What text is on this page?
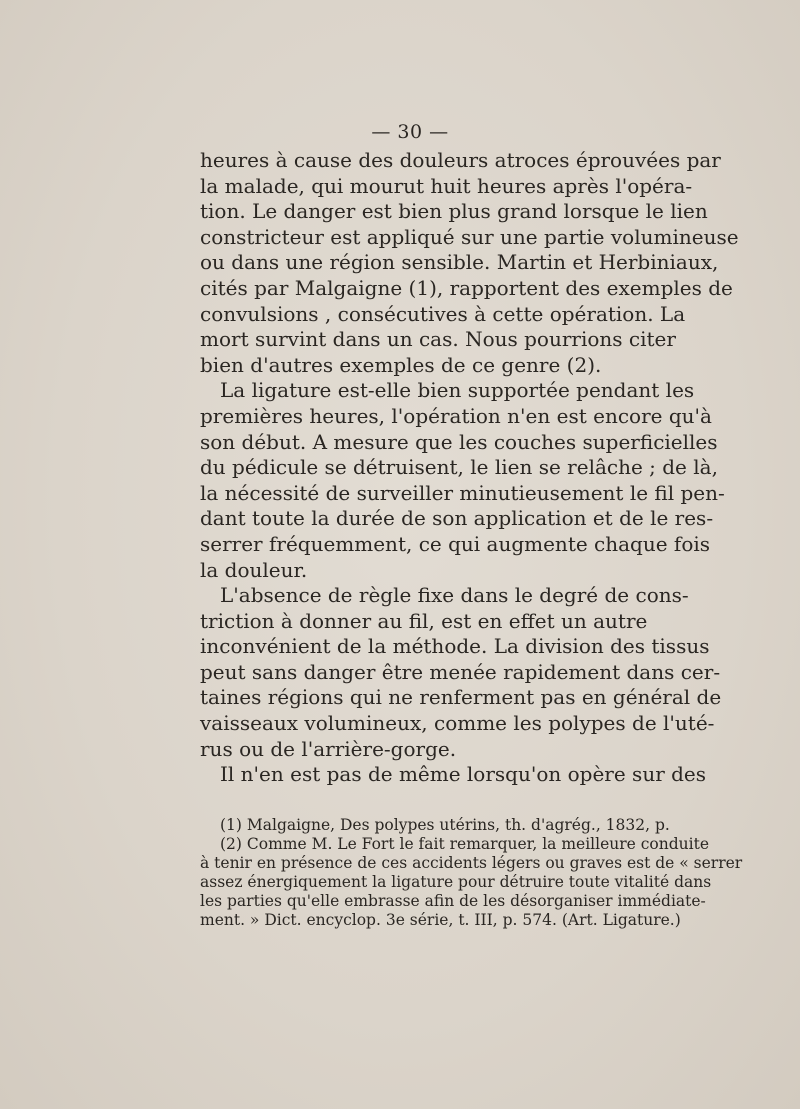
— 30 —
heures à cause des douleurs atroces éprouvées par
la malade, qui mourut huit heures après l'opéra-
tion. Le danger est bien plus grand lorsque le lien
constricteur est appliqué sur une partie volumineuse
ou dans une région sensible. Martin et Herbiniaux,
cités par Malgaigne (1), rapportent des exemples de
convulsions , consécutives à cette opération. La
mort survint dans un cas. Nous pourrions citer
bien d'autres exemples de ce genre (2).
La ligature est-elle bien supportée pendant les
premières heures, l'opération n'en est encore qu'à
son début. A mesure que les couches superficielles
du pédicule se détruisent, le lien se relâche ; de là,
la nécessité de surveiller minutieusement le fil pen-
dant toute la durée de son application et de le res-
serrer fréquemment, ce qui augmente chaque fois
la douleur.
L'absence de règle fixe dans le degré de cons-
triction à donner au fil, est en effet un autre
inconvénient de la méthode. La division des tissus
peut sans danger être menée rapidement dans cer-
taines régions qui ne renferment pas en général de
vaisseaux volumineux, comme les polypes de l'uté-
rus ou de l'arrière-gorge.
Il n'en est pas de même lorsqu'on opère sur des
(1) Malgaigne, Des polypes utérins, th. d'agrég., 1832, p.
(2) Comme M. Le Fort le fait remarquer, la meilleure conduite
à tenir en présence de ces accidents légers ou graves est de « serrer
assez énergiquement la ligature pour détruire toute vitalité dans
les parties qu'elle embrasse afin de les désorganiser immédiate-
ment. » Dict. encyclop. 3e série, t. III, p. 574. (Art. Ligature.)
